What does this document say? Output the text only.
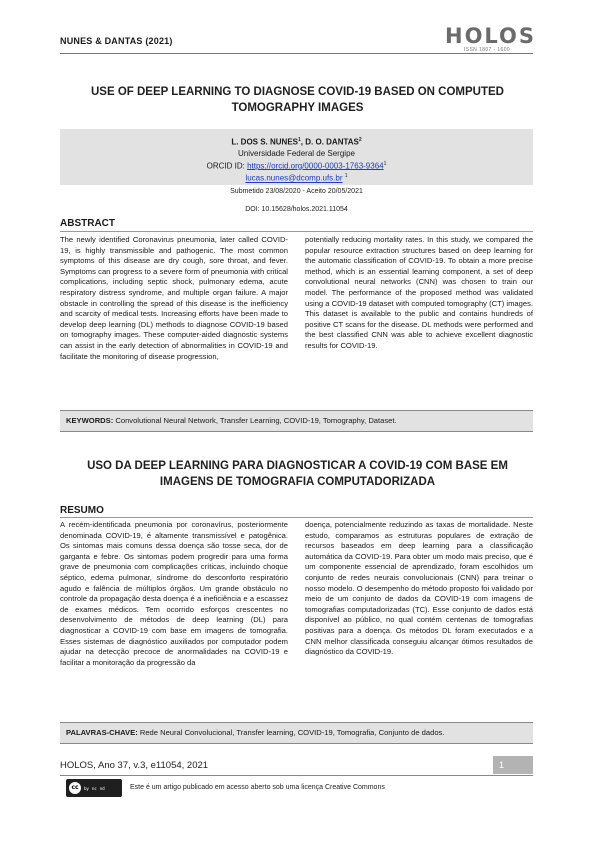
NUNES & DANTAS (2021)	HOLOS
ISSN 1807 - 1600
USE OF DEEP LEARNING TO DIAGNOSE COVID-19 BASED ON COMPUTED
TOMOGRAPHY IMAGES
L. DOS S. NUNES$^1$, D. O. DANTAS$^2$
Universidade Federal de Sergipe
ORCID ID: https://orcid.org/0000-0003-1763-9364$^1$
lucas.nunes@dcomp.ufs.br $^1$
Submetido 23/08/2020 - Aceito 20/05/2021
DOI: 10.15628/holos.2021.11054
ABSTRACT
The newly identified Coronavirus pneumonia, later called COVID-19, is highly transmissible and pathogenic. The most common symptoms of this disease are dry cough, sore throat, and fever. Symptoms can progress to a severe form of pneumonia with critical complications, including septic shock, pulmonary edema, acute respiratory distress syndrome, and multiple organ failure. A major obstacle in controlling the spread of this disease is the inefficiency and scarcity of medical tests. Increasing efforts have been made to develop deep learning (DL) methods to diagnose COVID-19 based on tomography images. These computer-aided diagnostic systems can assist in the early detection of abnormalities in COVID-19 and facilitate the monitoring of disease progression,
potentially reducing mortality rates. In this study, we compared the popular resource extraction structures based on deep learning for the automatic classification of COVID-19. To obtain a more precise method, which is an essential learning component, a set of deep convolutional neural networks (CNN) was chosen to train our model. The performance of the proposed method was validated using a COVID-19 dataset with computed tomography (CT) images. This dataset is available to the public and contains hundreds of positive CT scans for the disease. DL methods were performed and the best classified CNN was able to achieve excellent diagnostic results for COVID-19.
KEYWORDS: Convolutional Neural Network, Transfer Learning, COVID-19, Tomography, Dataset.
USO DA DEEP LEARNING PARA DIAGNOSTICAR A COVID-19 COM BASE EM
IMAGENS DE TOMOGRAFIA COMPUTADORIZADA
RESUMO
A recém-identificada pneumonia por coronavírus, posteriormente denominada COVID-19, é altamente transmissível e patogênica. Os sintomas mais comuns dessa doença são tosse seca, dor de garganta e febre. Os sintomas podem progredir para uma forma grave de pneumonia com complicações críticas, incluindo choque séptico, edema pulmonar, síndrome do desconforto respiratório agudo e falência de múltiplos órgãos. Um grande obstáculo no controle da propagação desta doença é a ineficiência e a escassez de exames médicos. Tem ocorrido esforços crescentes no desenvolvimento de métodos de deep learning (DL) para diagnosticar a COVID-19 com base em imagens de tomografia. Esses sistemas de diagnóstico auxiliados por computador podem ajudar na detecção precoce de anormalidades na COVID-19 e facilitar a monitoração da progressão da
doença, potencialmente reduzindo as taxas de mortalidade. Neste estudo, comparamos as estruturas populares de extração de recursos baseados em deep learning para a classificação automática da COVID-19. Para obter um modo mais preciso, que é um componente essencial de aprendizado, foram escolhidos um conjunto de redes neurais convolucionais (CNN) para treinar o nosso modelo. O desempenho do método proposto foi validado por meio de um conjunto de dados da COVID-19 com imagens de tomografias computadorizadas (TC). Esse conjunto de dados está disponível ao público, no qual contém centenas de tomografias positivas para a doença. Os métodos DL foram executados e a CNN melhor classificada conseguiu alcançar ótimos resultados de diagnóstico da COVID-19.
PALAVRAS-CHAVE: Rede Neural Convolucional, Transfer learning, COVID-19, Tomografia, Conjunto de dados.
HOLOS, Ano 37, v.3, e11054, 2021	1
cc	by nc nd	Este é um artigo publicado em acesso aberto sob uma licença Creative Commons
